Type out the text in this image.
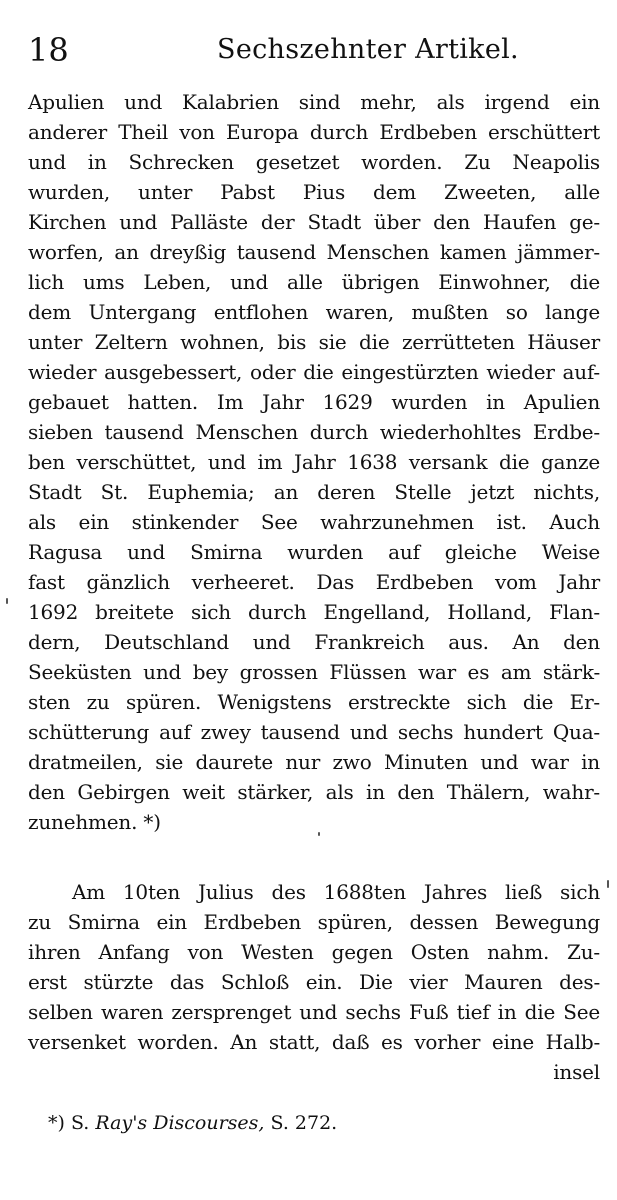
18	Sechszehnter Artikel.
Apulien und Kalabrien sind mehr, als irgend ein
anderer Theil von Europa durch Erdbeben erschüttert
und in Schrecken gesetzet worden. Zu Neapolis
wurden, unter Pabst Pius dem Zweeten, alle
Kirchen und Palläste der Stadt über den Haufen ge-
worfen, an dreyßig tausend Menschen kamen jämmer-
lich ums Leben, und alle übrigen Einwohner, die
dem Untergang entflohen waren, mußten so lange
unter Zeltern wohnen, bis sie die zerrütteten Häuser
wieder ausgebessert, oder die eingestürzten wieder auf-
gebauet hatten. Im Jahr 1629 wurden in Apulien
sieben tausend Menschen durch wiederhohltes Erdbe-
ben verschüttet, und im Jahr 1638 versank die ganze
Stadt St. Euphemia; an deren Stelle jetzt nichts,
als ein stinkender See wahrzunehmen ist. Auch
Ragusa und Smirna wurden auf gleiche Weise
fast gänzlich verheeret. Das Erdbeben vom Jahr
1692 breitete sich durch Engelland, Holland, Flan-
dern, Deutschland und Frankreich aus. An den
Seeküsten und bey grossen Flüssen war es am stärk-
sten zu spüren. Wenigstens erstreckte sich die Er-
schütterung auf zwey tausend und sechs hundert Qua-
dratmeilen, sie daurete nur zwo Minuten und war in
den Gebirgen weit stärker, als in den Thälern, wahr-
zunehmen. *)
Am 10ten Julius des 1688ten Jahres ließ sich
zu Smirna ein Erdbeben spüren, dessen Bewegung
ihren Anfang von Westen gegen Osten nahm. Zu-
erst stürzte das Schloß ein. Die vier Mauren des-
selben waren zersprenget und sechs Fuß tief in die See
versenket worden. An statt, daß es vorher eine Halb-
insel
*) S. Ray's Discourses, S. 272.
